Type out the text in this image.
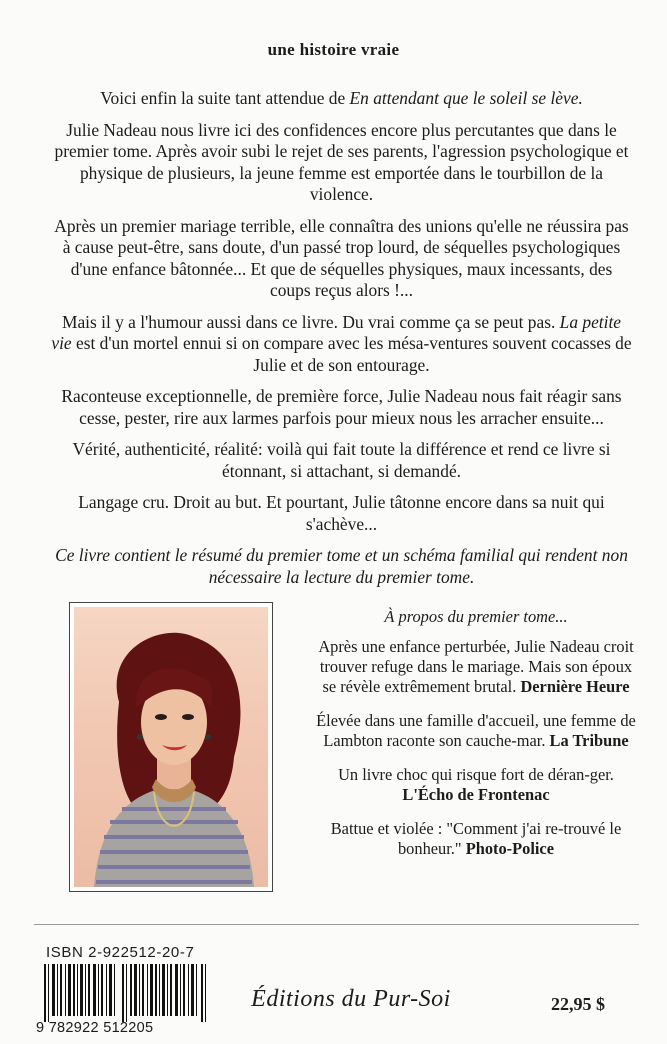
une histoire vraie

Voici enfin la suite tant attendue de En attendant que le soleil se lève.

Julie Nadeau nous livre ici des confidences encore plus percutantes que dans le premier tome. Après avoir subi le rejet de ses parents, l'agression psychologique et physique de plusieurs, la jeune femme est emportée dans le tourbillon de la violence.

Après un premier mariage terrible, elle connaîtra des unions qu'elle ne réussira pas à cause peut-être, sans doute, d'un passé trop lourd, de séquelles psychologiques d'une enfance bâtonnée... Et que de séquelles physiques, maux incessants, des coups reçus alors !...

Mais il y a l'humour aussi dans ce livre. Du vrai comme ça se peut pas. La petite vie est d'un mortel ennui si on compare avec les mésa-ventures souvent cocasses de Julie et de son entourage.

Raconteuse exceptionnelle, de première force, Julie Nadeau nous fait réagir sans cesse, pester, rire aux larmes parfois pour mieux nous les arracher ensuite...

Vérité, authenticité, réalité: voilà qui fait toute la différence et rend ce livre si étonnant, si attachant, si demandé.

Langage cru. Droit au but. Et pourtant, Julie tâtonne encore dans sa nuit qui s'achève...

Ce livre contient le résumé du premier tome et un schéma familial qui rendent non nécessaire la lecture du premier tome.

À propos du premier tome...
Après une enfance perturbée, Julie Nadeau croit trouver refuge dans le mariage. Mais son époux se révèle extrêmement brutal. Dernière Heure
Élevée dans une famille d'accueil, une femme de Lambton raconte son cauche-mar. La Tribune
Un livre choc qui risque fort de déran-ger. L'Écho de Frontenac
Battue et violée : "Comment j'ai re-trouvé le bonheur." Photo-Police
ISBN 2-922512-20-7
9 782922 512205
Éditions du Pur-Soi	22,95 $
